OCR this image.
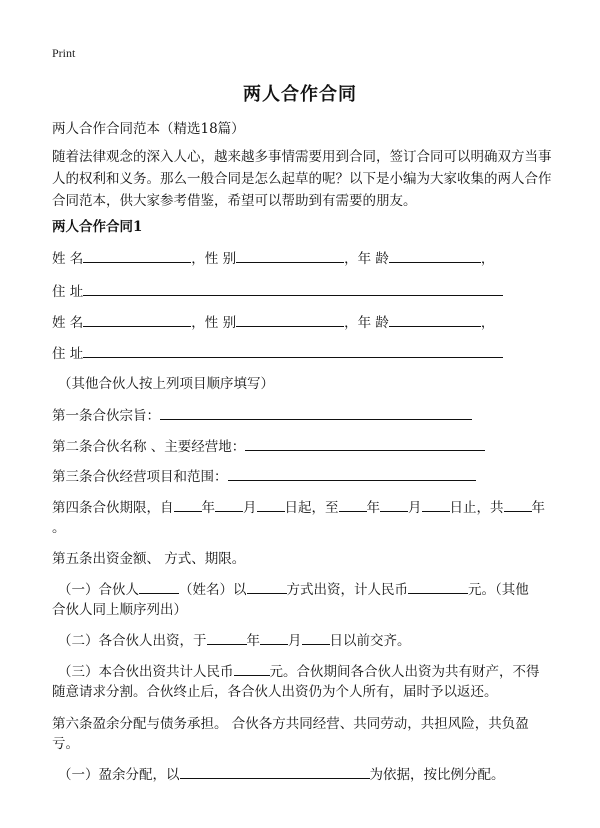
Print
两人合作合同
两人合作合同范本（精选18篇）
随着法律观念的深入人心，越来越多事情需要用到合同，签订合同可以明确双方当事人的权利和义务。那么一般合同是怎么起草的呢？以下是小编为大家收集的两人合作合同范本，供大家参考借鉴，希望可以帮助到有需要的朋友。
两人合作合同1
姓 名	，性 别	，年 龄	，
住 址
姓 名	，性 别	，年 龄	，
住 址
（其他合伙人按上列项目顺序填写）
第一条合伙宗旨：
第二条合伙名称 、主要经营地：
第三条合伙经营项目和范围：
第四条合伙期限，自 年 月 日起，至 年 月 日止，共 年
。
第五条出资金额、 方式、期限。
（一）合伙人	（姓名）以	方式出资，计人民币	元。（其他
合伙人同上顺序列出）
（二）各合伙人出资，于	年 月 日以前交齐。
（三）本合伙出资共计人民币	元。合伙期间各合伙人出资为共有财产，不得
随意请求分割。合伙终止后，各合伙人出资仍为个人所有，届时予以返还。
第六条盈余分配与债务承担。 合伙各方共同经营、共同劳动，共担风险，共负盈
亏。
（一）盈余分配，以	为依据，按比例分配。
